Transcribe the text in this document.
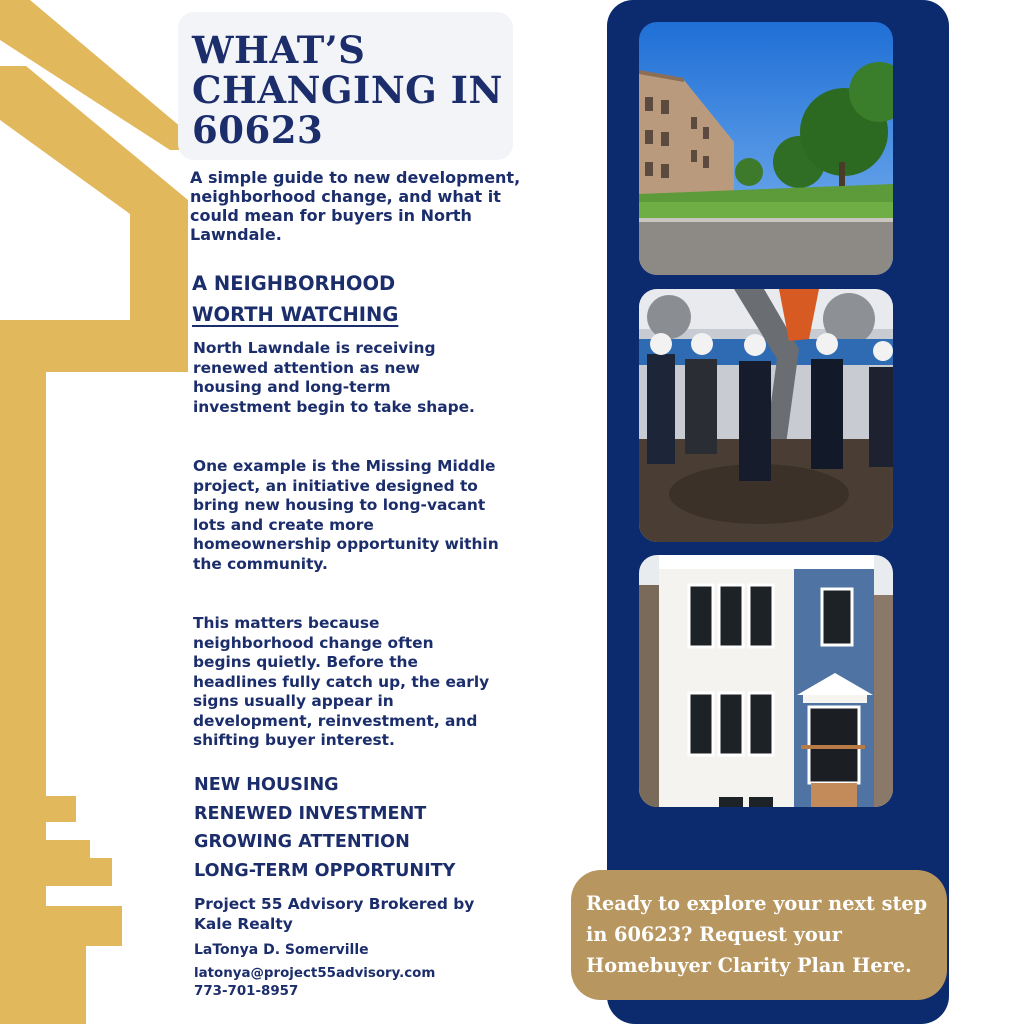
WHAT’S CHANGING IN 60623

A simple guide to new development, neighborhood change, and what it could mean for buyers in North Lawndale.

A NEIGHBORHOOD
WORTH WATCHING

North Lawndale is receiving renewed attention as new housing and long-term investment begin to take shape.

One example is the Missing Middle project, an initiative designed to bring new housing to long-vacant lots and create more homeownership opportunity within the community.

This matters because neighborhood change often begins quietly. Before the headlines fully catch up, the early signs usually appear in development, reinvestment, and shifting buyer interest.

NEW HOUSING
RENEWED INVESTMENT
GROWING ATTENTION
LONG-TERM OPPORTUNITY

Project 55 Advisory Brokered by Kale Realty

LaTonya D. Somerville

latonya@project55advisory.com

773-701-8957

Ready to explore your next step in 60623? Request your Homebuyer Clarity Plan Here.
